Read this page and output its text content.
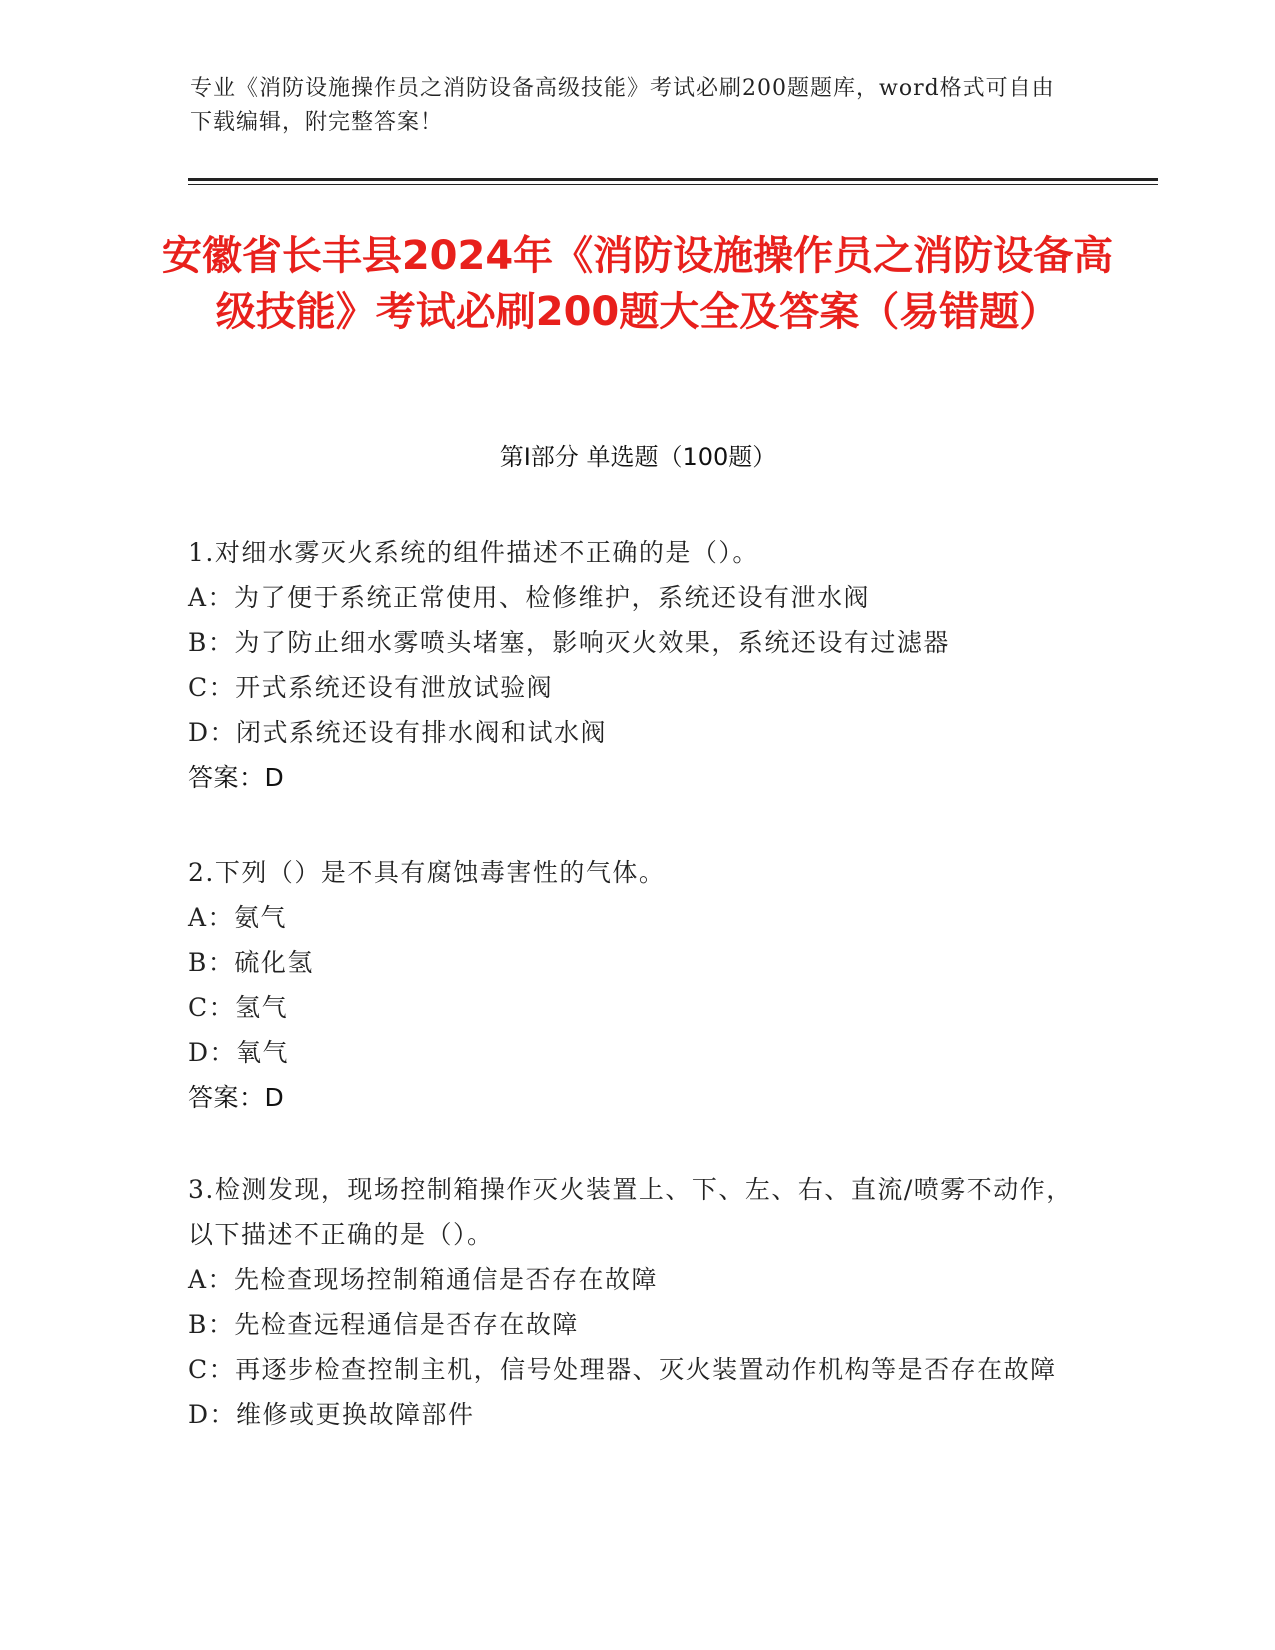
专业《消防设施操作员之消防设备高级技能》考试必刷200题题库，word格式可自由下载编辑，附完整答案！
安徽省长丰县2024年《消防设施操作员之消防设备高级技能》考试必刷200题大全及答案（易错题）
第I部分 单选题（100题）
1.对细水雾灭火系统的组件描述不正确的是（）。
A：为了便于系统正常使用、检修维护，系统还设有泄水阀
B：为了防止细水雾喷头堵塞，影响灭火效果，系统还设有过滤器
C：开式系统还设有泄放试验阀
D：闭式系统还设有排水阀和试水阀
答案：D
2.下列（）是不具有腐蚀毒害性的气体。
A：氨气
B：硫化氢
C：氢气
D：氧气
答案：D
3.检测发现，现场控制箱操作灭火装置上、下、左、右、直流/喷雾不动作，以下描述不正确的是（）。
A：先检查现场控制箱通信是否存在故障
B：先检查远程通信是否存在故障
C：再逐步检查控制主机，信号处理器、灭火装置动作机构等是否存在故障
D：维修或更换故障部件
